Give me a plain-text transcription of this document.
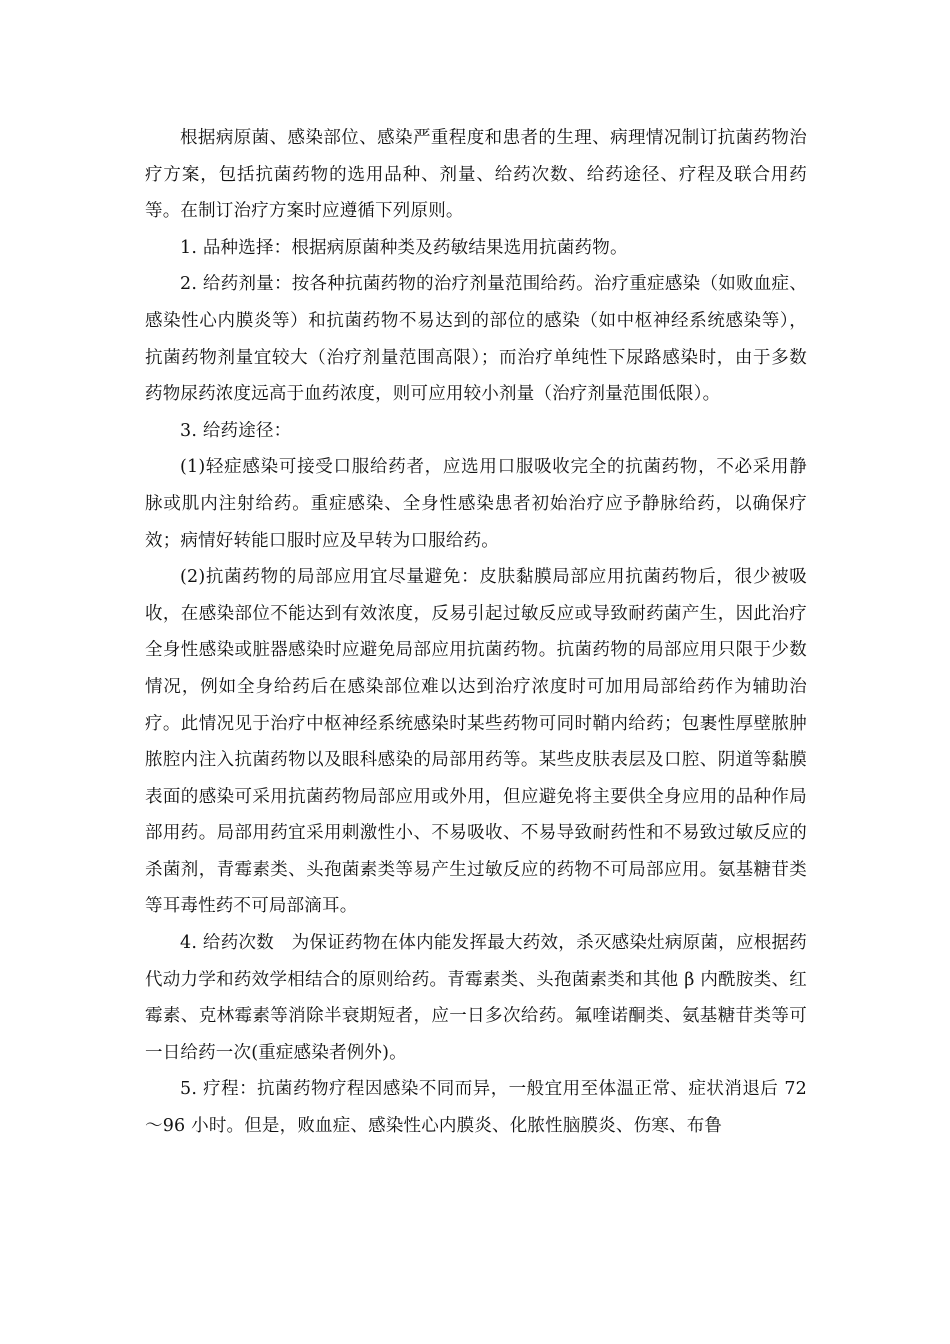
根据病原菌、感染部位、感染严重程度和患者的生理、病理情况制订抗菌药物治疗方案，包括抗菌药物的选用品种、剂量、给药次数、给药途径、疗程及联合用药等。在制订治疗方案时应遵循下列原则。

1. 品种选择：根据病原菌种类及药敏结果选用抗菌药物。

2. 给药剂量：按各种抗菌药物的治疗剂量范围给药。治疗重症感染（如败血症、感染性心内膜炎等）和抗菌药物不易达到的部位的感染（如中枢神经系统感染等），抗菌药物剂量宜较大（治疗剂量范围高限）；而治疗单纯性下尿路感染时，由于多数药物尿药浓度远高于血药浓度，则可应用较小剂量（治疗剂量范围低限）。

3. 给药途径：

(1)轻症感染可接受口服给药者，应选用口服吸收完全的抗菌药物，不必采用静脉或肌内注射给药。重症感染、全身性感染患者初始治疗应予静脉给药，以确保疗效；病情好转能口服时应及早转为口服给药。

(2)抗菌药物的局部应用宜尽量避免：皮肤黏膜局部应用抗菌药物后，很少被吸收，在感染部位不能达到有效浓度，反易引起过敏反应或导致耐药菌产生，因此治疗全身性感染或脏器感染时应避免局部应用抗菌药物。抗菌药物的局部应用只限于少数情况，例如全身给药后在感染部位难以达到治疗浓度时可加用局部给药作为辅助治疗。此情况见于治疗中枢神经系统感染时某些药物可同时鞘内给药；包裹性厚壁脓肿脓腔内注入抗菌药物以及眼科感染的局部用药等。某些皮肤表层及口腔、阴道等黏膜表面的感染可采用抗菌药物局部应用或外用，但应避免将主要供全身应用的品种作局部用药。局部用药宜采用刺激性小、不易吸收、不易导致耐药性和不易致过敏反应的杀菌剂，青霉素类、头孢菌素类等易产生过敏反应的药物不可局部应用。氨基糖苷类等耳毒性药不可局部滴耳。

4. 给药次数　为保证药物在体内能发挥最大药效，杀灭感染灶病原菌，应根据药代动力学和药效学相结合的原则给药。青霉素类、头孢菌素类和其他 β 内酰胺类、红霉素、克林霉素等消除半衰期短者，应一日多次给药。氟喹诺酮类、氨基糖苷类等可一日给药一次(重症感染者例外)。

5. 疗程：抗菌药物疗程因感染不同而异，一般宜用至体温正常、症状消退后 72～96 小时。但是，败血症、感染性心内膜炎、化脓性脑膜炎、伤寒、布鲁
